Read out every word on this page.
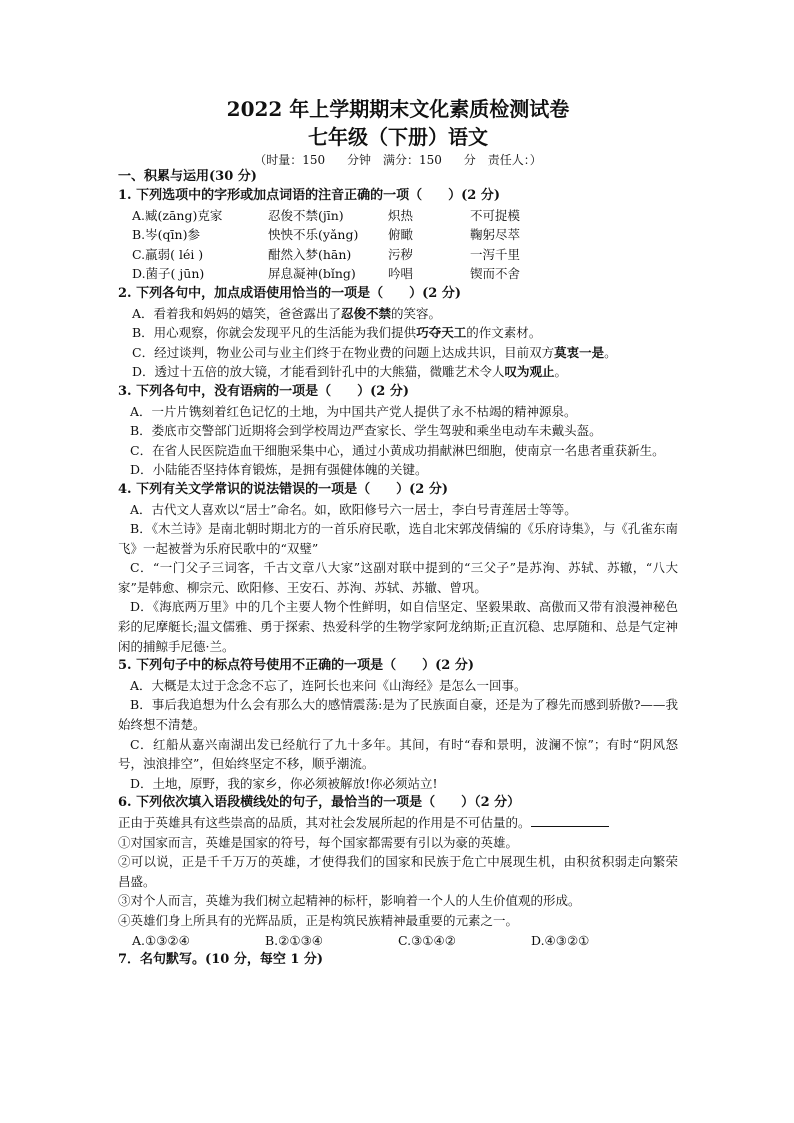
2022 年上学期期末文化素质检测试卷
七年级（下册）语文
（时量：150 分钟　满分：150 分　责任人：）
一、积累与运用(30 分)
1. 下列选项中的字形或加点词语的注音正确的一项（　　）(2 分)
A.臧(zāng)克家	忍俊不禁(jīn)	炽热	不可捉模
B.岑(qīn)参	怏怏不乐(yǎng)	俯瞰	鞠躬尽萃
C.羸弱( léi )	酣然入梦(hān)	污秽	一泻千里
D.菌子( jūn)	屏息凝神(bǐng)	吟唱	锲而不舍
2. 下列各句中，加点成语使用恰当的一项是（　　）(2 分)
A．看着我和妈妈的嬉笑，爸爸露出了忍俊不禁的笑容。
B．用心观察，你就会发现平凡的生活能为我们提供巧夺天工的作文素材。
C．经过谈判，物业公司与业主们终于在物业费的问题上达成共识，目前双方莫衷一是。
D．透过十五倍的放大镜，才能看到针孔中的大熊猫，微雕艺术令人叹为观止。
3. 下列各句中，没有语病的一项是（　　）(2 分)
A．一片片镌刻着红色记忆的土地，为中国共产党人提供了永不枯竭的精神源泉。
B．娄底市交警部门近期将会到学校周边严查家长、学生驾驶和乘坐电动车未戴头盔。
C．在省人民医院造血干细胞采集中心，通过小黄成功捐献淋巴细胞，使南京一名患者重获新生。
D．小陆能否坚持体育锻炼，是拥有强健体魄的关键。
4. 下列有关文学常识的说法错误的一项是（　　）(2 分)
A．古代文人喜欢以“居士”命名。如，欧阳修号六一居士，李白号青莲居士等等。
B．《木兰诗》是南北朝时期北方的一首乐府民歌，选自北宋郭茂倩编的《乐府诗集》，与《孔雀东南飞》一起被誉为乐府民歌中的“双璧”
C．“一门父子三词客，千古文章八大家”这副对联中提到的“三父子”是苏洵、苏轼、苏辙，“八大家”是韩愈、柳宗元、欧阳修、王安石、苏洵、苏轼、苏辙、曾巩。
D．《海底两万里》中的几个主要人物个性鲜明，如自信坚定、坚毅果敢、高傲而又带有浪漫神秘色彩的尼摩艇长;温文儒雅、勇于探索、热爱科学的生物学家阿龙纳斯;正直沉稳、忠厚随和、总是气定神闲的捕鲸手尼德·兰。
5. 下列句子中的标点符号使用不正确的一项是（　　）(2 分)
A．大概是太过于念念不忘了，连阿长也来问《山海经》是怎么一回事。
B．事后我追想为什么会有那么大的感情震荡:是为了民族面自豪，还是为了穆先而感到骄傲?——我始终想不清楚。
C．红船从嘉兴南湖出发已经航行了九十多年。其间，有时“春和景明，波澜不惊”；有时“阴风怒号，浊浪排空”，但始终坚定不移，顺乎潮流。
D．土地，原野，我的家乡，你必须被解放!你必须站立!
6. 下列依次填入语段横线处的句子，最恰当的一项是（　　）（2 分）
正由于英雄具有这些崇高的品质，其对社会发展所起的作用是不可估量的。
①对国家而言，英雄是国家的符号，每个国家都需要有引以为豪的英雄。
②可以说，正是千千万万的英雄，才使得我们的国家和民族于危亡中展现生机，由积贫积弱走向繁荣昌盛。
③对个人而言，英雄为我们树立起精神的标杆，影响着一个人的人生价值观的形成。
④英雄们身上所具有的光辉品质，正是构筑民族精神最重要的元素之一。
A.①③②④	B.②①③④	C.③①④②	D.④③②①
7．名句默写。(10 分，每空 1 分)
